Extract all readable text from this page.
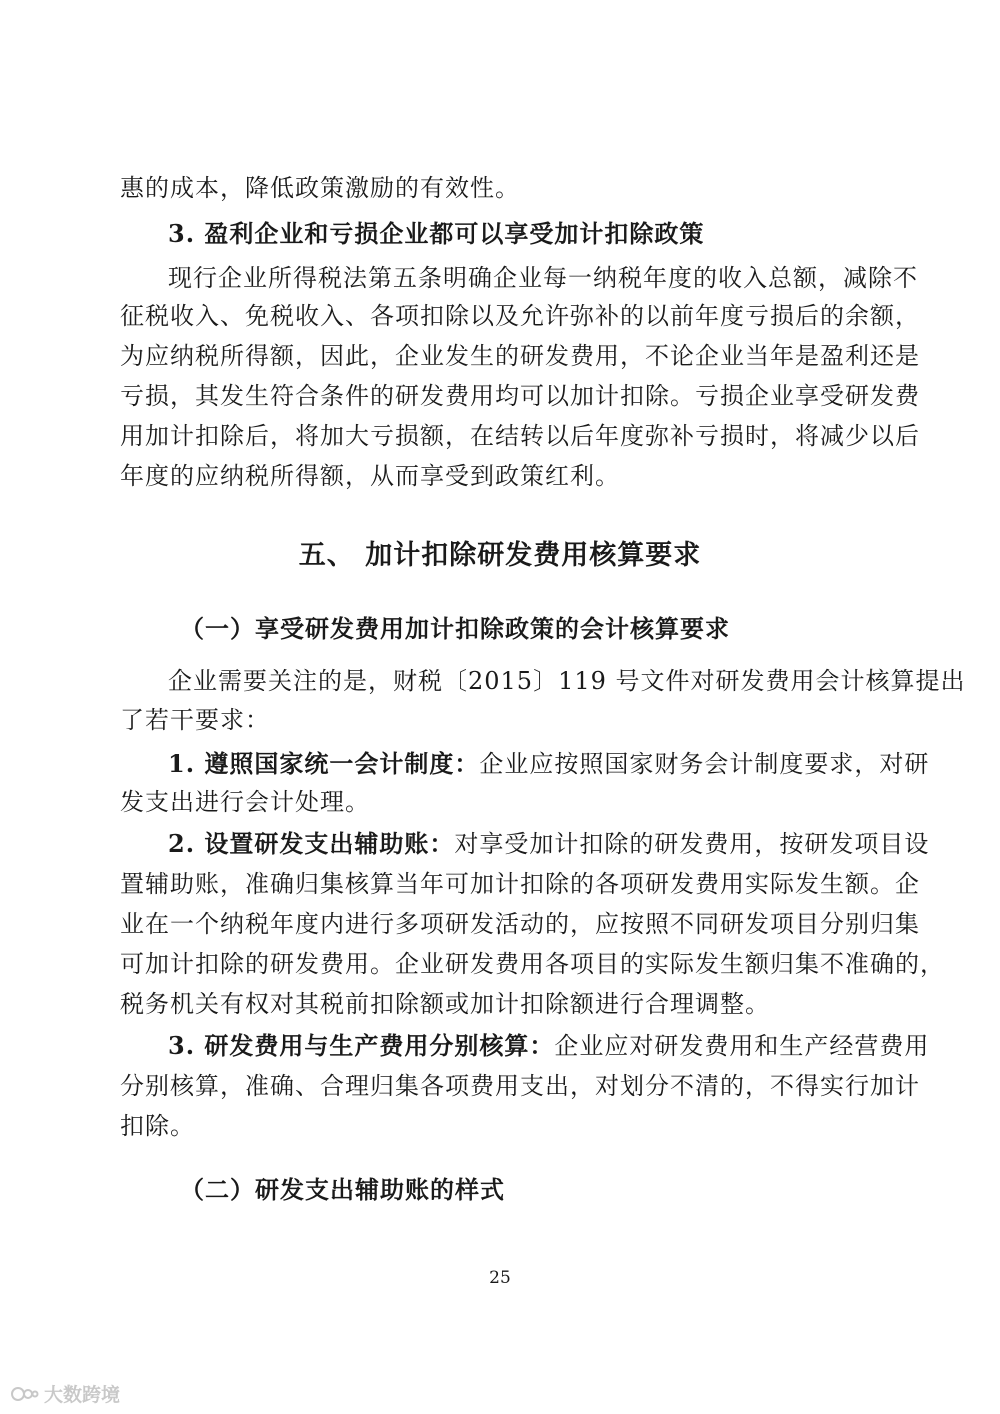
惠的成本，降低政策激励的有效性。
3. 盈利企业和亏损企业都可以享受加计扣除政策
现行企业所得税法第五条明确企业每一纳税年度的收入总额，减除不
征税收入、免税收入、各项扣除以及允许弥补的以前年度亏损后的余额，
为应纳税所得额，因此，企业发生的研发费用，不论企业当年是盈利还是
亏损，其发生符合条件的研发费用均可以加计扣除。亏损企业享受研发费
用加计扣除后，将加大亏损额，在结转以后年度弥补亏损时，将减少以后
年度的应纳税所得额，从而享受到政策红利。
五、 加计扣除研发费用核算要求
（一）享受研发费用加计扣除政策的会计核算要求
企业需要关注的是，财税〔2015〕119 号文件对研发费用会计核算提出
了若干要求：
1. 遵照国家统一会计制度：企业应按照国家财务会计制度要求，对研
发支出进行会计处理。
2. 设置研发支出辅助账：对享受加计扣除的研发费用，按研发项目设
置辅助账，准确归集核算当年可加计扣除的各项研发费用实际发生额。企
业在一个纳税年度内进行多项研发活动的，应按照不同研发项目分别归集
可加计扣除的研发费用。企业研发费用各项目的实际发生额归集不准确的，
税务机关有权对其税前扣除额或加计扣除额进行合理调整。
3. 研发费用与生产费用分别核算：企业应对研发费用和生产经营费用
分别核算，准确、合理归集各项费用支出，对划分不清的，不得实行加计
扣除。
（二）研发支出辅助账的样式
25
大数跨境
